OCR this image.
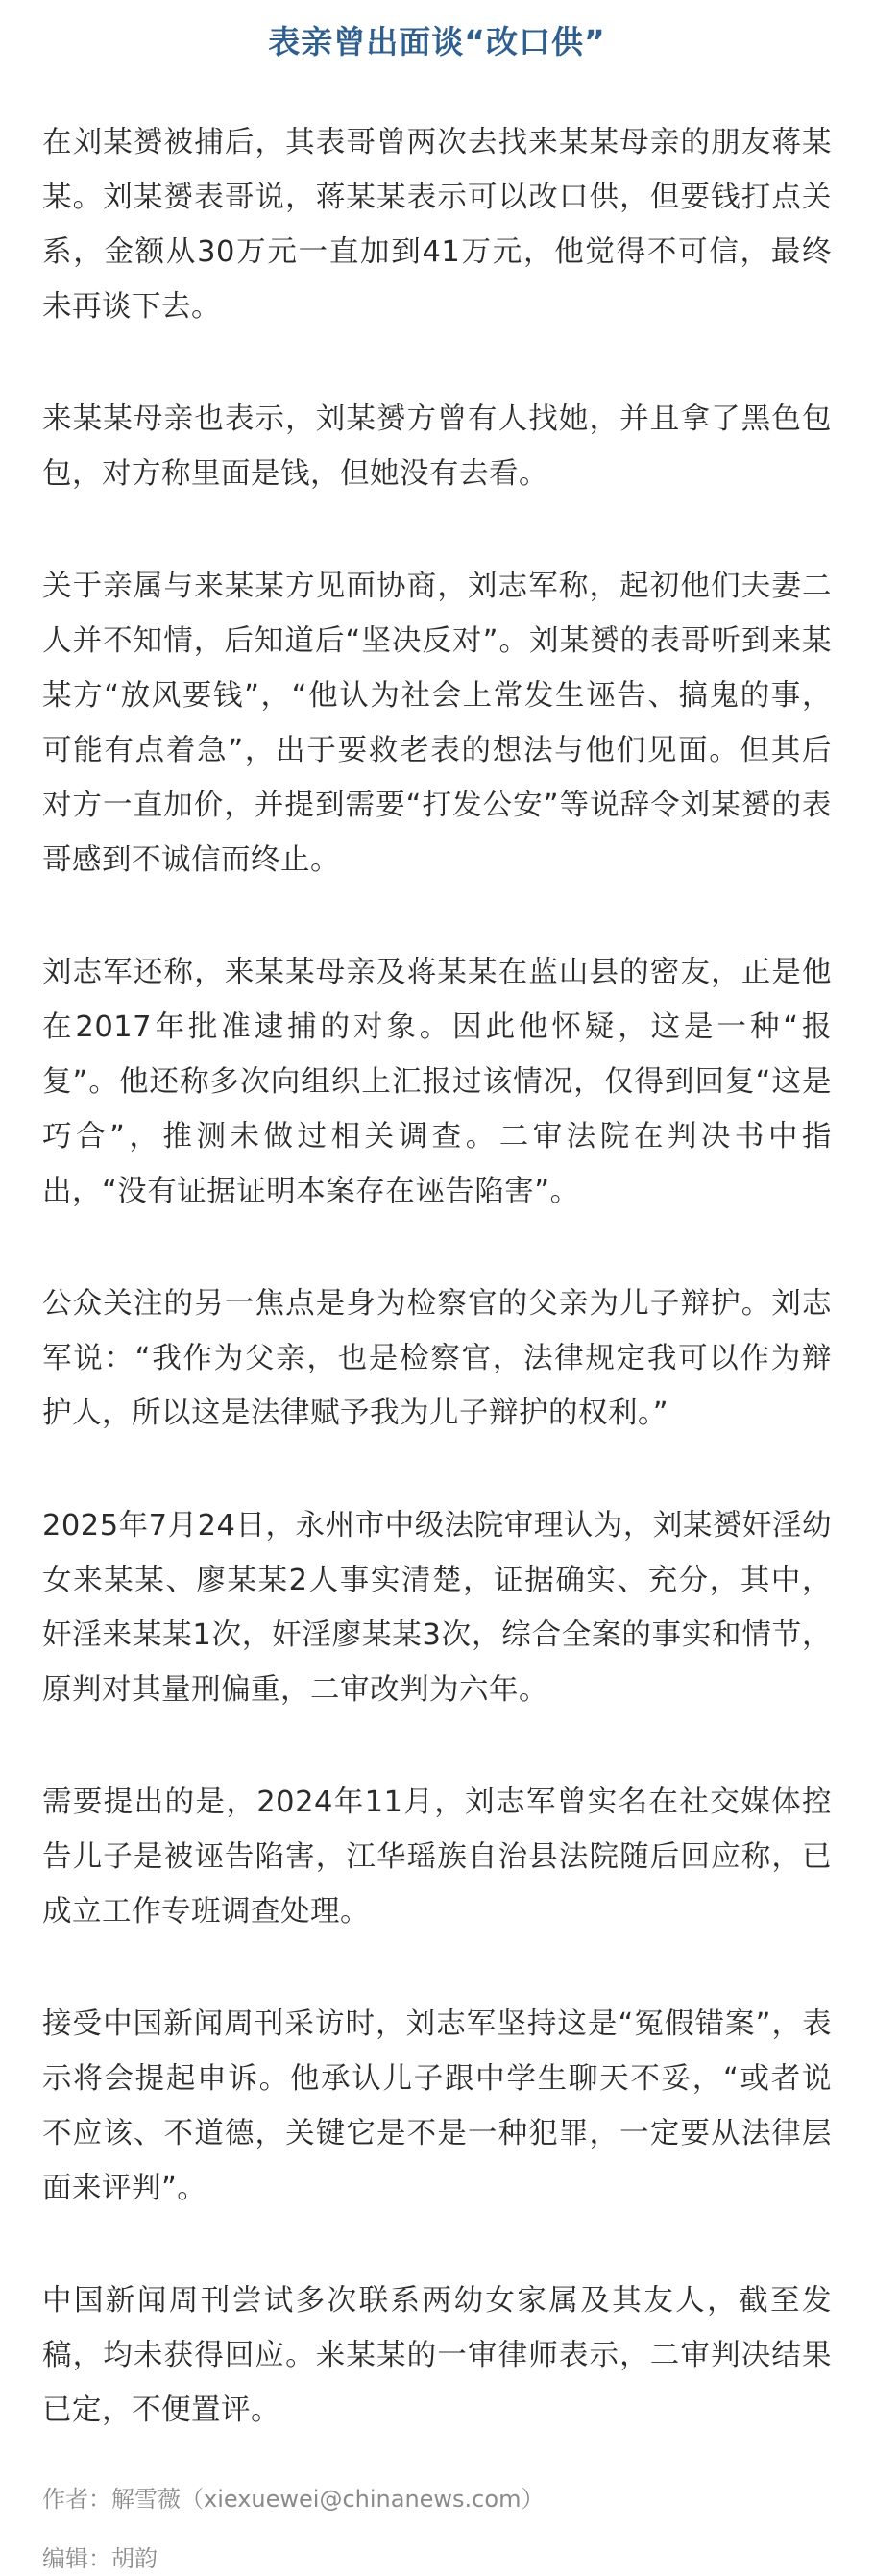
表亲曾出面谈“改口供”

在刘某赟被捕后，其表哥曾两次去找来某某母亲的朋友蒋某某。刘某赟表哥说，蒋某某表示可以改口供，但要钱打点关系，金额从30万元一直加到41万元，他觉得不可信，最终未再谈下去。

来某某母亲也表示，刘某赟方曾有人找她，并且拿了黑色包包，对方称里面是钱，但她没有去看。

关于亲属与来某某方见面协商，刘志军称，起初他们夫妻二人并不知情，后知道后“坚决反对”。刘某赟的表哥听到来某某方“放风要钱”，“他认为社会上常发生诬告、搞鬼的事，可能有点着急”，出于要救老表的想法与他们见面。但其后对方一直加价，并提到需要“打发公安”等说辞令刘某赟的表哥感到不诚信而终止。

刘志军还称，来某某母亲及蒋某某在蓝山县的密友，正是他在2017年批准逮捕的对象。因此他怀疑，这是一种“报复”。他还称多次向组织上汇报过该情况，仅得到回复“这是巧合”，推测未做过相关调查。二审法院在判决书中指出，“没有证据证明本案存在诬告陷害”。

公众关注的另一焦点是身为检察官的父亲为儿子辩护。刘志军说：“我作为父亲，也是检察官，法律规定我可以作为辩护人，所以这是法律赋予我为儿子辩护的权利。”

2025年7月24日，永州市中级法院审理认为，刘某赟奸淫幼女来某某、廖某某2人事实清楚，证据确实、充分，其中，奸淫来某某1次，奸淫廖某某3次，综合全案的事实和情节，原判对其量刑偏重，二审改判为六年。

需要提出的是，2024年11月，刘志军曾实名在社交媒体控告儿子是被诬告陷害，江华瑶族自治县法院随后回应称，已成立工作专班调查处理。

接受中国新闻周刊采访时，刘志军坚持这是“冤假错案”，表示将会提起申诉。他承认儿子跟中学生聊天不妥，“或者说不应该、不道德，关键它是不是一种犯罪，一定要从法律层面来评判”。

中国新闻周刊尝试多次联系两幼女家属及其友人，截至发稿，均未获得回应。来某某的一审律师表示，二审判决结果已定，不便置评。

作者：解雪薇（xiexuewei@chinanews.com）

编辑：胡韵
